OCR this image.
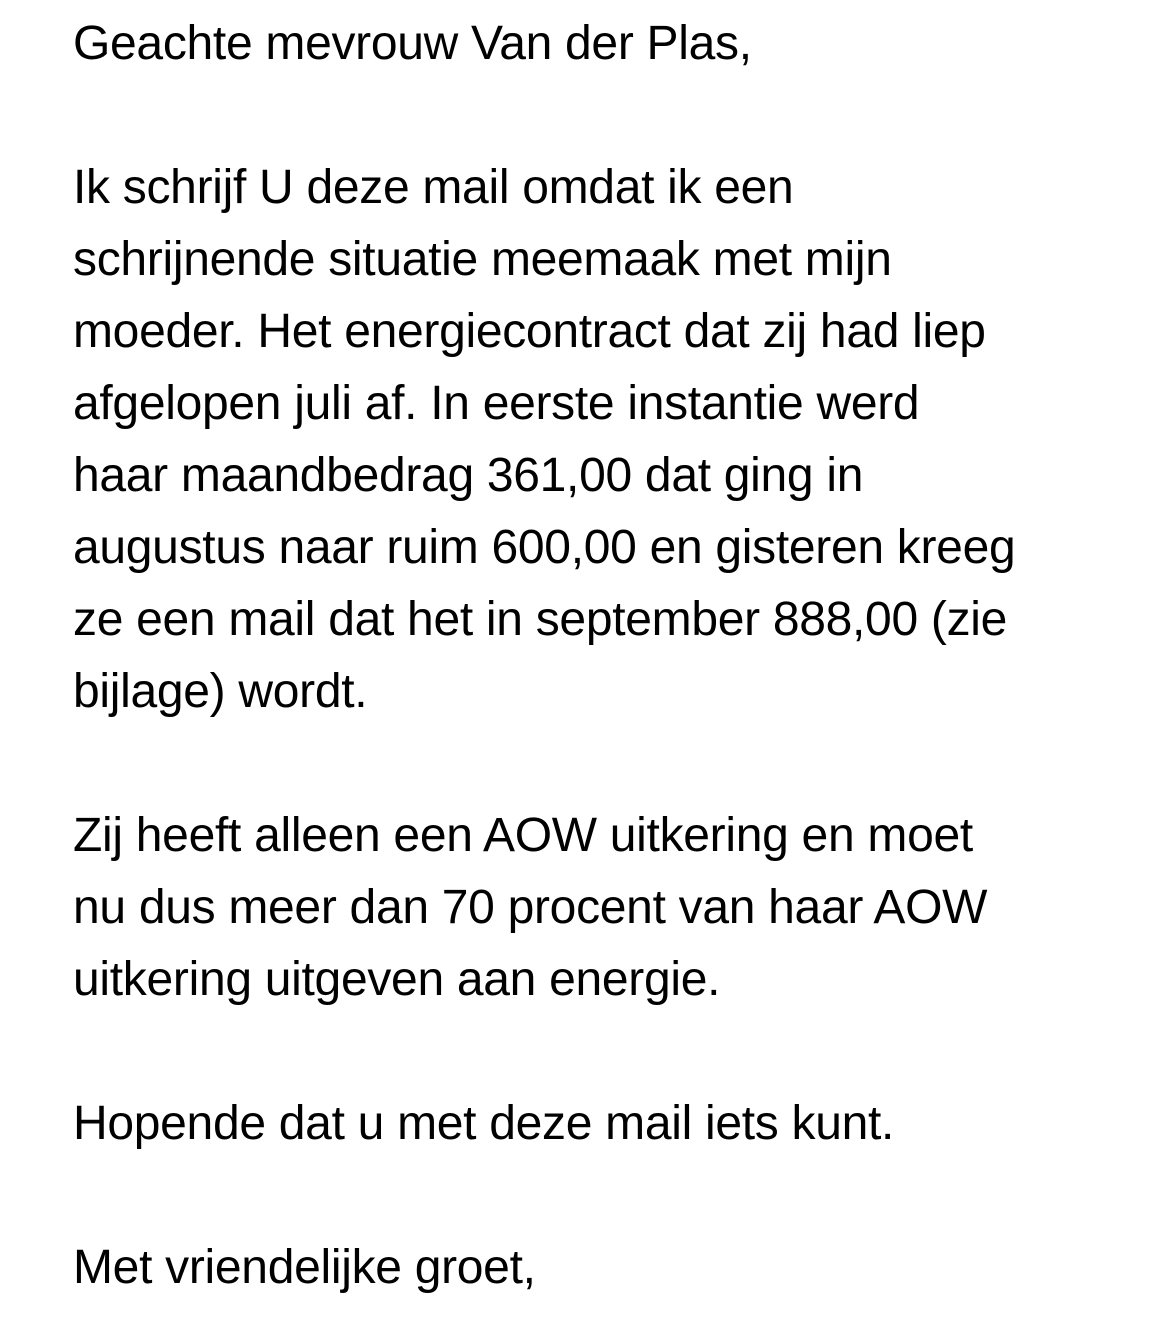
Geachte mevrouw Van der Plas,
Ik schrijf U deze mail omdat ik een
schrijnende situatie meemaak met mijn
moeder. Het energiecontract dat zij had liep
afgelopen juli af. In eerste instantie werd
haar maandbedrag 361,00 dat ging in
augustus naar ruim 600,00 en gisteren kreeg
ze een mail dat het in september 888,00 (zie
bijlage) wordt.
Zij heeft alleen een AOW uitkering en moet
nu dus meer dan 70 procent van haar AOW
uitkering uitgeven aan energie.
Hopende dat u met deze mail iets kunt.
Met vriendelijke groet,
